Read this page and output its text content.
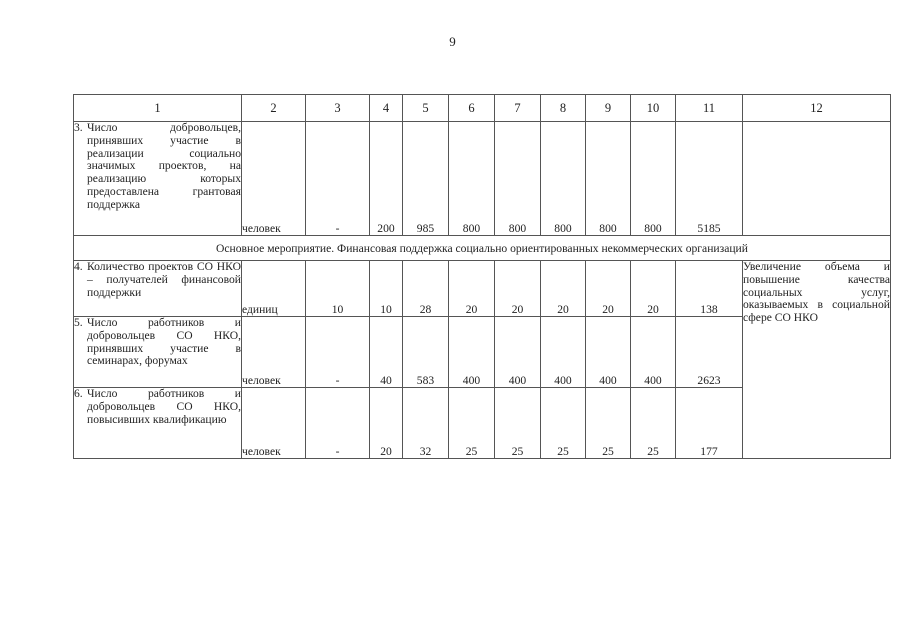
9
1	2	3	4	5	6	7	8	9	10	11	12

3. Число добровольцев, принявших участие в реализации социально значимых проектов, на реализацию которых предоставлена грантовая поддержка	человек	-	200	985	800	800	800	800	800	5185	
Основное мероприятие. Финансовая поддержка социально ориентированных некоммерческих организаций											

4. Количество проектов СО НКО – получателей финансовой поддержки	единиц	10	10	28	20	20	20	20	20	138	Увеличение объема и повышение качества социальных услуг, оказываемых в социальной сфере СО НКО

5. Число работников и добровольцев СО НКО, принявших участие в семинарах, форумах	человек	-	40	583	400	400	400	400	400	2623	

6. Число работников и добровольцев СО НКО, повысивших квалификацию	человек	-	20	32	25	25	25	25	25	177	
